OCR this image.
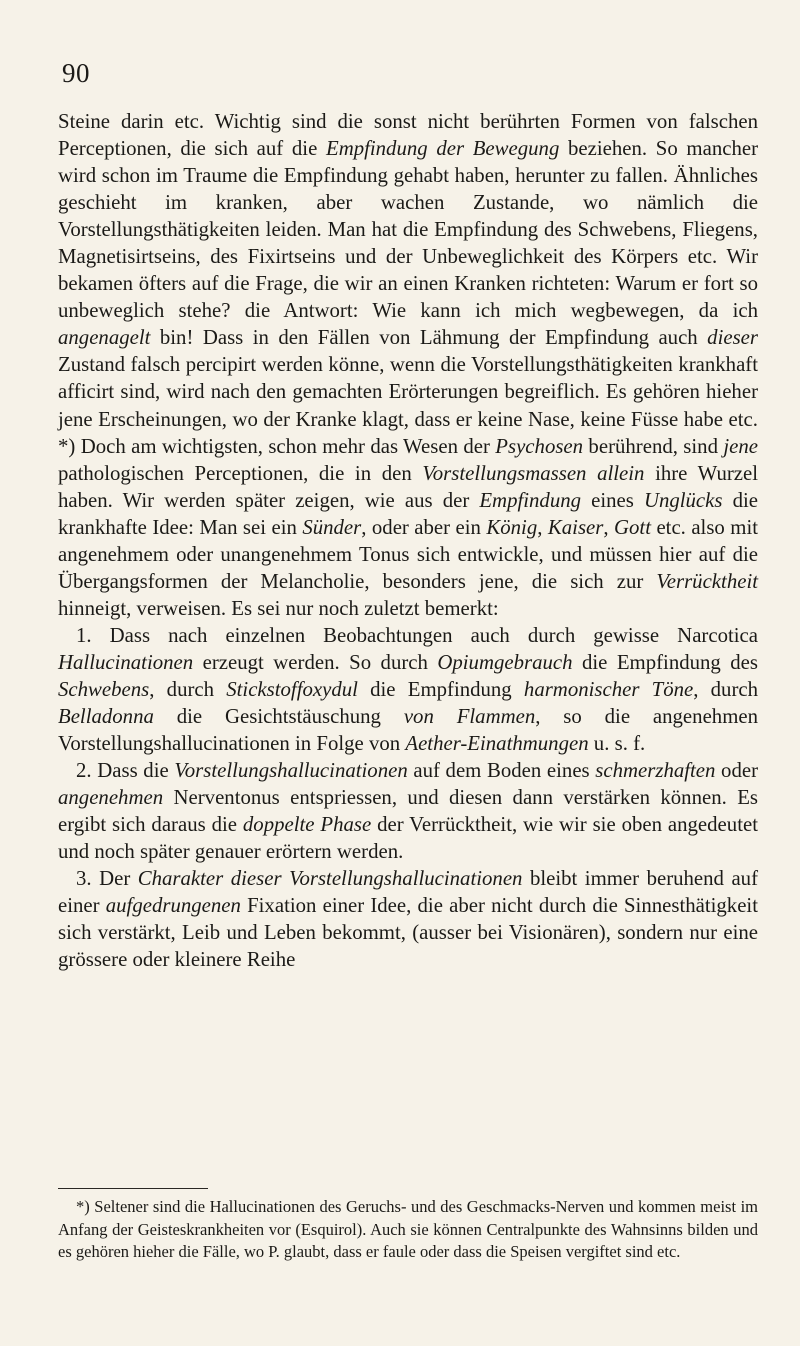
90

Steine darin etc. Wichtig sind die sonst nicht berührten Formen von falschen Perceptionen, die sich auf die Empfindung der Bewegung beziehen. So mancher wird schon im Traume die Empfindung gehabt haben, herunter zu fallen. Ähnliches geschieht im kranken, aber wachen Zustande, wo nämlich die Vorstellungsthätigkeiten leiden. Man hat die Empfindung des Schwebens, Fliegens, Magnetisirtseins, des Fixirtseins und der Unbeweglichkeit des Körpers etc. Wir bekamen öfters auf die Frage, die wir an einen Kranken richteten: Warum er fort so unbeweglich stehe? die Antwort: Wie kann ich mich wegbewegen, da ich angenagelt bin! Dass in den Fällen von Lähmung der Empfindung auch dieser Zustand falsch percipirt werden könne, wenn die Vorstellungsthätigkeiten krankhaft afficirt sind, wird nach den gemachten Erörterungen begreiflich. Es gehören hieher jene Erscheinungen, wo der Kranke klagt, dass er keine Nase, keine Füsse habe etc. *) Doch am wichtigsten, schon mehr das Wesen der Psychosen berührend, sind jene pathologischen Perceptionen, die in den Vorstellungsmassen allein ihre Wurzel haben. Wir werden später zeigen, wie aus der Empfindung eines Unglücks die krankhafte Idee: Man sei ein Sünder, oder aber ein König, Kaiser, Gott etc. also mit angenehmem oder unangenehmem Tonus sich entwickle, und müssen hier auf die Übergangsformen der Melancholie, besonders jene, die sich zur Verrücktheit hinneigt, verweisen. Es sei nur noch zuletzt bemerkt:

1. Dass nach einzelnen Beobachtungen auch durch gewisse Narcotica Hallucinationen erzeugt werden. So durch Opiumgebrauch die Empfindung des Schwebens, durch Stickstoffoxydul die Empfindung harmonischer Töne, durch Belladonna die Gesichtstäuschung von Flammen, so die angenehmen Vorstellungshallucinationen in Folge von Aether-Einathmungen u. s. f.

2. Dass die Vorstellungshallucinationen auf dem Boden eines schmerzhaften oder angenehmen Nerventonus entspriessen, und diesen dann verstärken können. Es ergibt sich daraus die doppelte Phase der Verrücktheit, wie wir sie oben angedeutet und noch später genauer erörtern werden.

3. Der Charakter dieser Vorstellungshallucinationen bleibt immer beruhend auf einer aufgedrungenen Fixation einer Idee, die aber nicht durch die Sinnesthätigkeit sich verstärkt, Leib und Leben bekommt, (ausser bei Visionären), sondern nur eine grössere oder kleinere Reihe

*) Seltener sind die Hallucinationen des Geruchs- und des Geschmacks-Nerven und kommen meist im Anfang der Geisteskrankheiten vor (Esquirol). Auch sie können Centralpunkte des Wahnsinns bilden und es gehören hieher die Fälle, wo P. glaubt, dass er faule oder dass die Speisen vergiftet sind etc.
